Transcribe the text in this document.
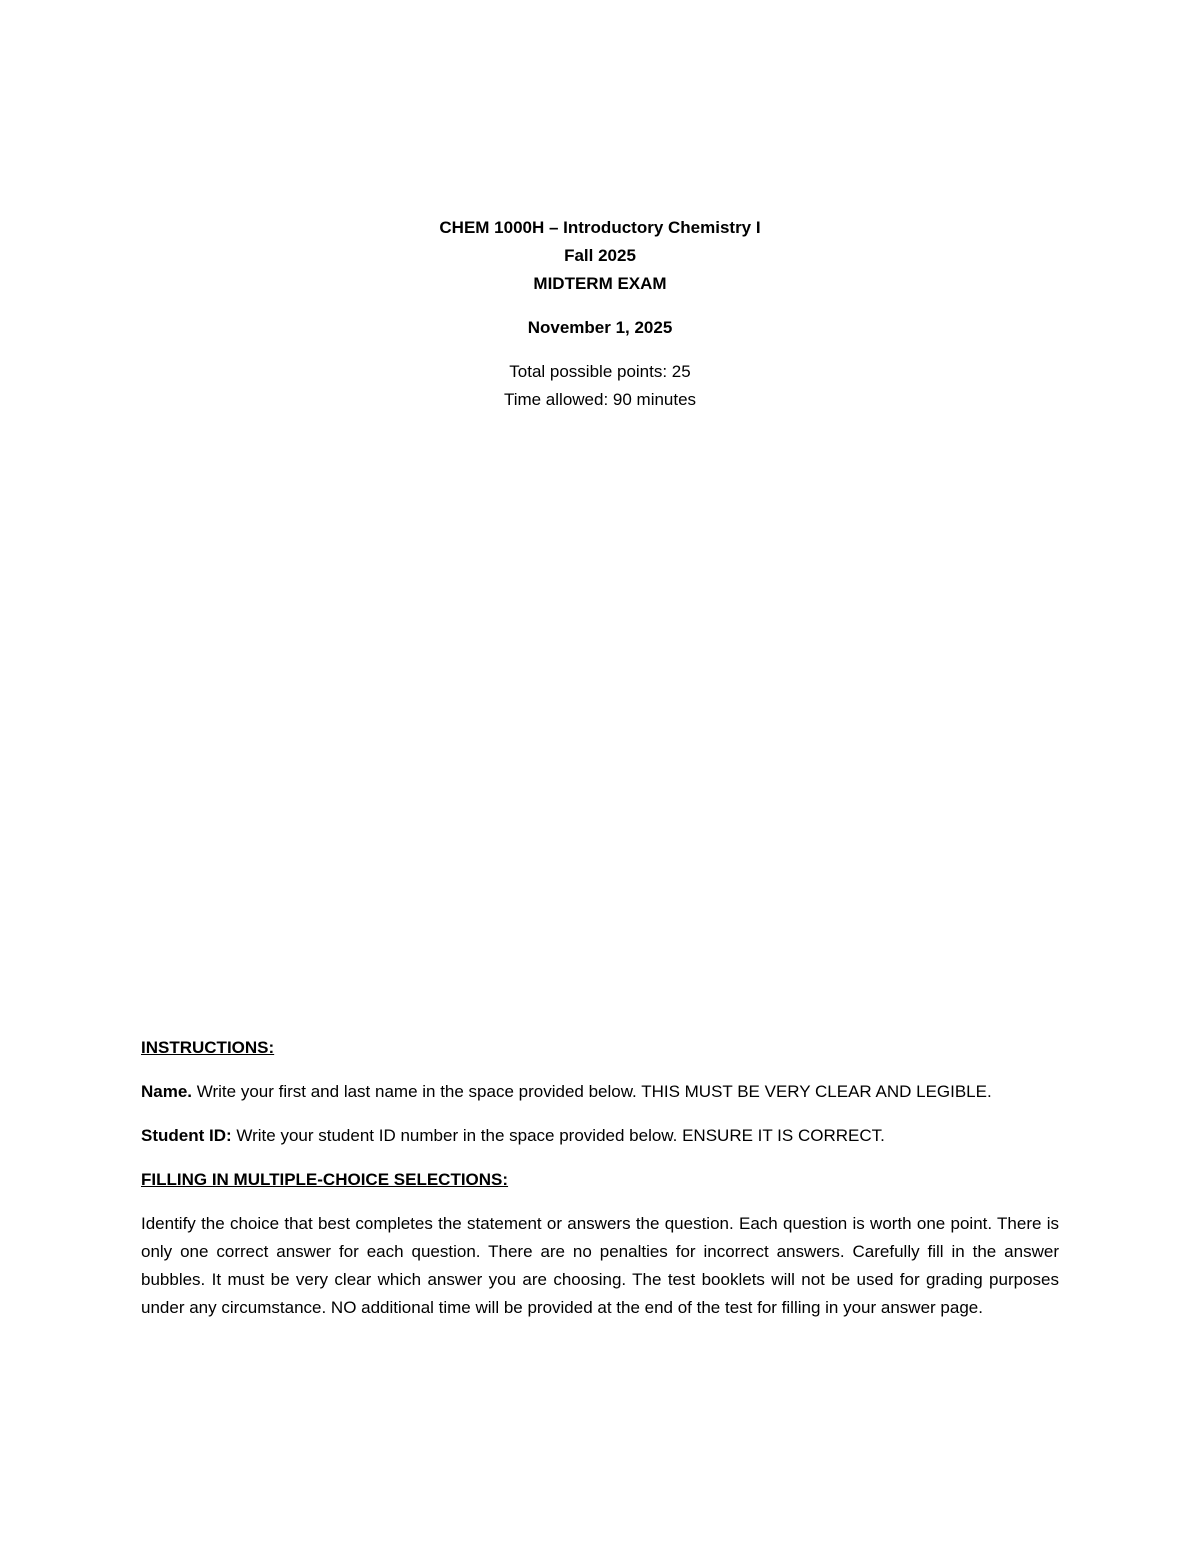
CHEM 1000H – Introductory Chemistry I
Fall 2025
MIDTERM EXAM
November 1, 2025
Total possible points: 25
Time allowed: 90 minutes

INSTRUCTIONS:

Name. Write your first and last name in the space provided below. THIS MUST BE VERY CLEAR AND LEGIBLE.

Student ID: Write your student ID number in the space provided below. ENSURE IT IS CORRECT.

FILLING IN MULTIPLE-CHOICE SELECTIONS:

Identify the choice that best completes the statement or answers the question. Each question is worth one point. There is only one correct answer for each question. There are no penalties for incorrect answers. Carefully fill in the answer bubbles. It must be very clear which answer you are choosing. The test booklets will not be used for grading purposes under any circumstance. NO additional time will be provided at the end of the test for filling in your answer page.
